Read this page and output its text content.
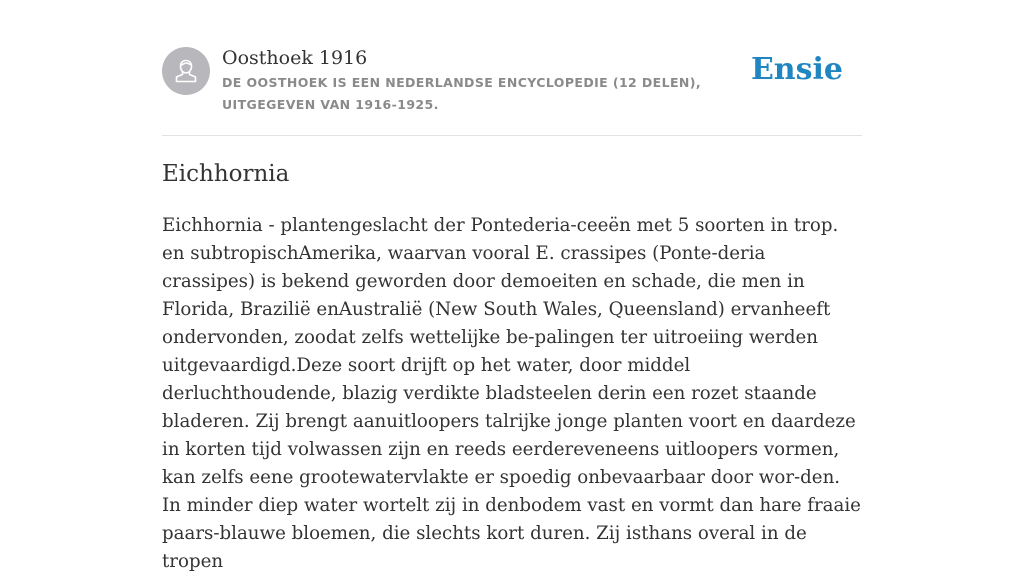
Oosthoek 1916
DE OOSTHOEK IS EEN NEDERLANDSE ENCYCLOPEDIE (12 DELEN), UITGEGEVEN VAN 1916-1925.
Ensie
Eichhornia

Eichhornia - plantengeslacht der Pontederia-ceeën met 5 soorten in trop. en subtropischAmerika, waarvan vooral E. crassipes (Ponte-deria crassipes) is bekend geworden door demoeiten en schade, die men in Florida, Brazilië enAustralië (New South Wales, Queensland) ervanheeft ondervonden, zoodat zelfs wettelijke be-palingen ter uitroeiing werden uitgevaardigd.Deze soort drijft op het water, door middel derluchthoudende, blazig verdikte bladsteelen derin een rozet staande bladeren. Zij brengt aanuitloopers talrijke jonge planten voort en daardeze in korten tijd volwassen zijn en reeds eerdereveneens uitloopers vormen, kan zelfs eene grootewatervlakte er spoedig onbevaarbaar door wor-den. In minder diep water wortelt zij in denbodem vast en vormt dan hare fraaie paars-blauwe bloemen, die slechts kort duren. Zij isthans overal in de tropen
